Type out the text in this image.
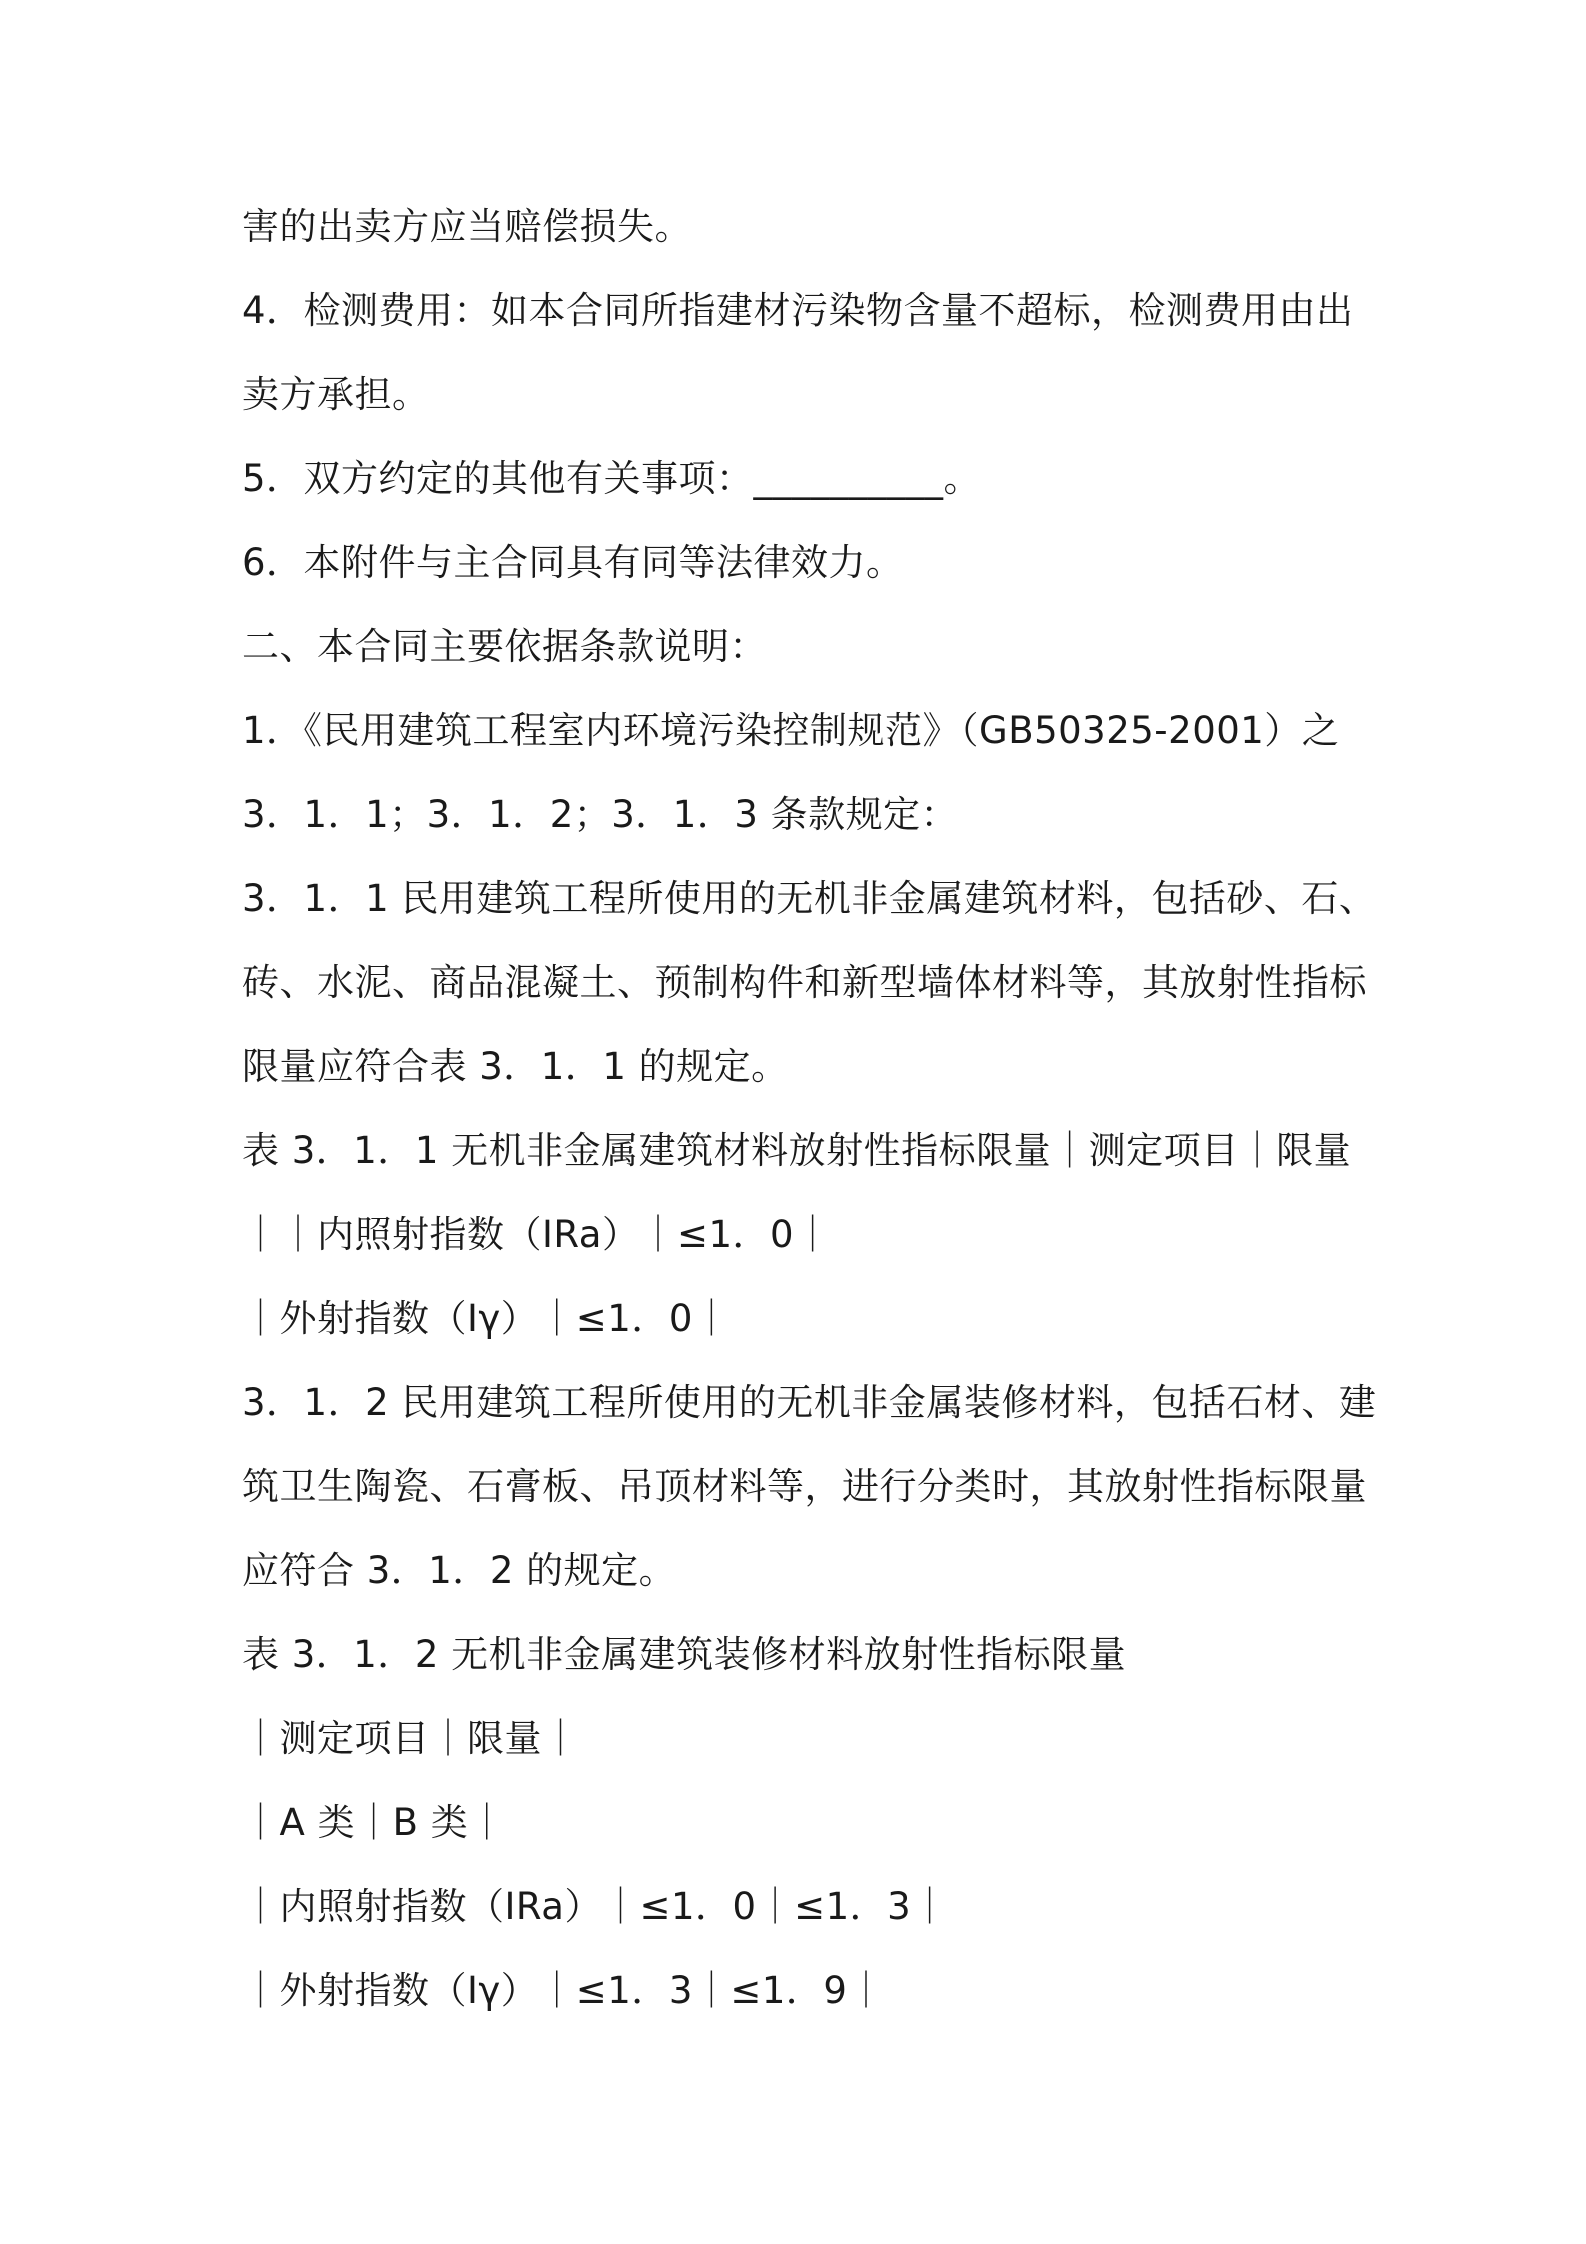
害的出卖方应当赔偿损失。
4．检测费用：如本合同所指建材污染物含量不超标，检测费用由出
卖方承担。
5．双方约定的其他有关事项：__________。
6．本附件与主合同具有同等法律效力。
二、本合同主要依据条款说明：
1．《民用建筑工程室内环境污染控制规范》（GB50325-2001）之
3．1．1；3．1．2；3．1．3 条款规定：
3．1．1 民用建筑工程所使用的无机非金属建筑材料，包括砂、石、
砖、水泥、商品混凝土、预制构件和新型墙体材料等，其放射性指标
限量应符合表 3．1．1 的规定。
表 3．1．1 无机非金属建筑材料放射性指标限量｜测定项目｜限量
｜｜内照射指数（IRa）｜≤1．0｜
｜外射指数（Iγ）｜≤1．0｜
3．1．2 民用建筑工程所使用的无机非金属装修材料，包括石材、建
筑卫生陶瓷、石膏板、吊顶材料等，进行分类时，其放射性指标限量
应符合 3．1．2 的规定。
表 3．1．2 无机非金属建筑装修材料放射性指标限量
｜测定项目｜限量｜
｜A 类｜B 类｜
｜内照射指数（IRa）｜≤1．0｜≤1．3｜
｜外射指数（Iγ）｜≤1．3｜≤1．9｜
